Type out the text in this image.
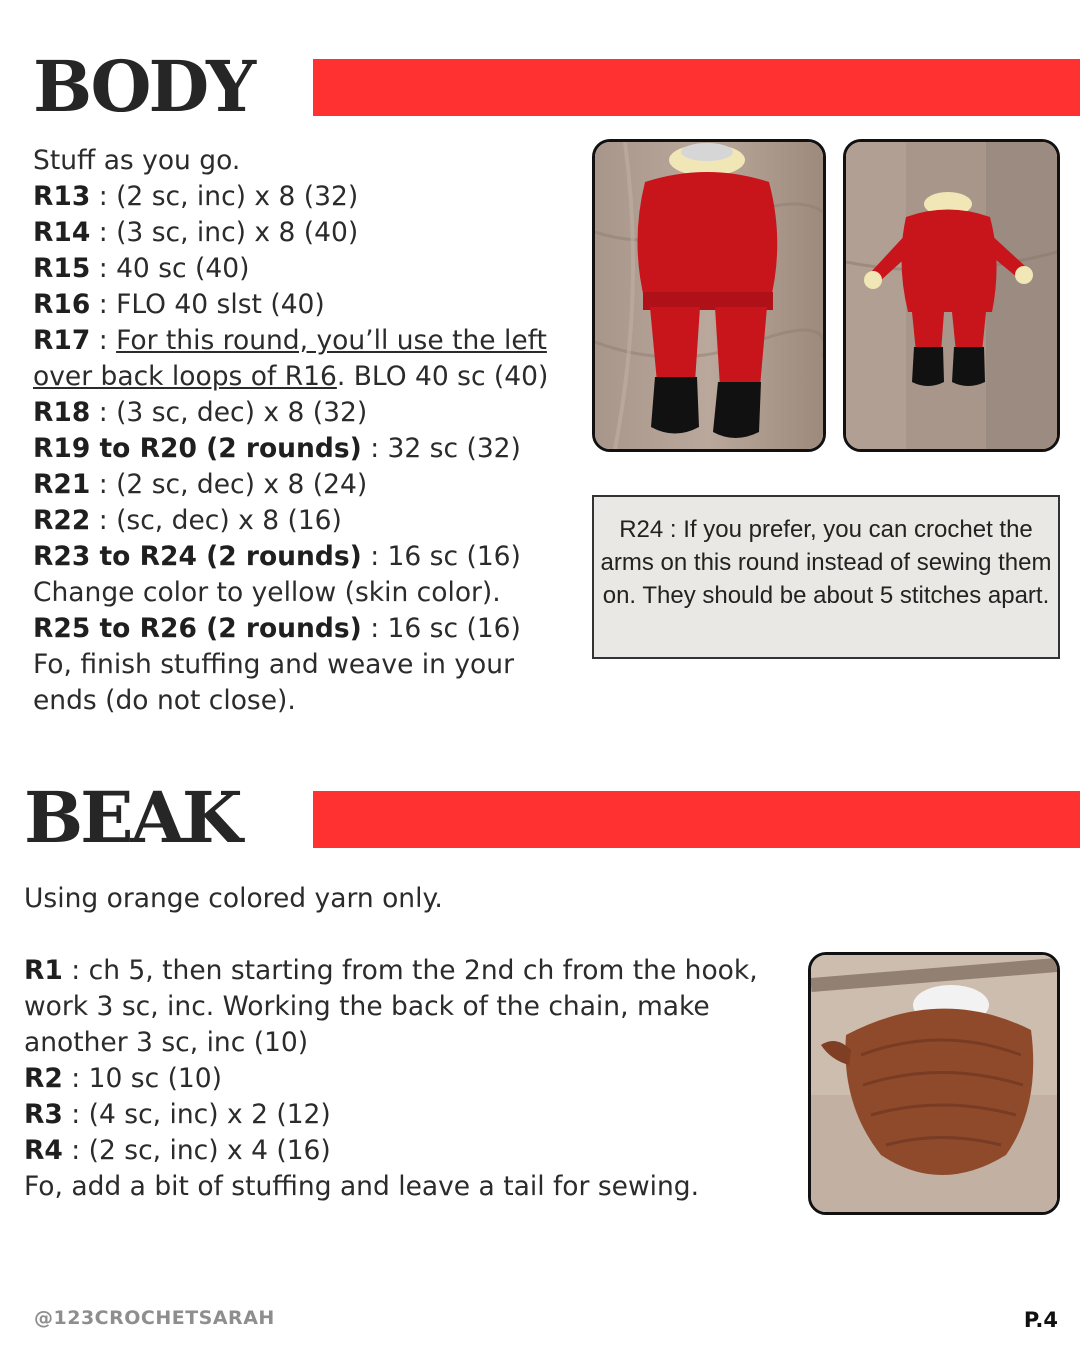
BODY
Stuff as you go.
R13 : (2 sc, inc) x 8 (32)
R14 : (3 sc, inc) x 8 (40)
R15 : 40 sc (40)
R16 : FLO 40 slst (40)
R17 : For this round, you’ll use the left
over back loops of R16. BLO 40 sc (40)
R18 : (3 sc, dec) x 8 (32)
R19 to R20 (2 rounds) : 32 sc (32)
R21 : (2 sc, dec) x 8 (24)
R22 : (sc, dec) x 8 (16)
R23 to R24 (2 rounds) : 16 sc (16)
Change color to yellow (skin color).
R25 to R26 (2 rounds) : 16 sc (16)
Fo, finish stuffing and weave in your
ends (do not close).
R24 : If you prefer, you can crochet the arms on this round instead of sewing them on. They should be about 5 stitches apart.
BEAK
Using orange colored yarn only.
R1 : ch 5, then starting from the 2nd ch from the hook,
work 3 sc, inc. Working the back of the chain, make
another 3 sc, inc (10)
R2 : 10 sc (10)
R3 : (4 sc, inc) x 2 (12)
R4 : (2 sc, inc) x 4 (16)
Fo, add a bit of stuffing and leave a tail for sewing.
@123CROCHETSARAH	P.4
